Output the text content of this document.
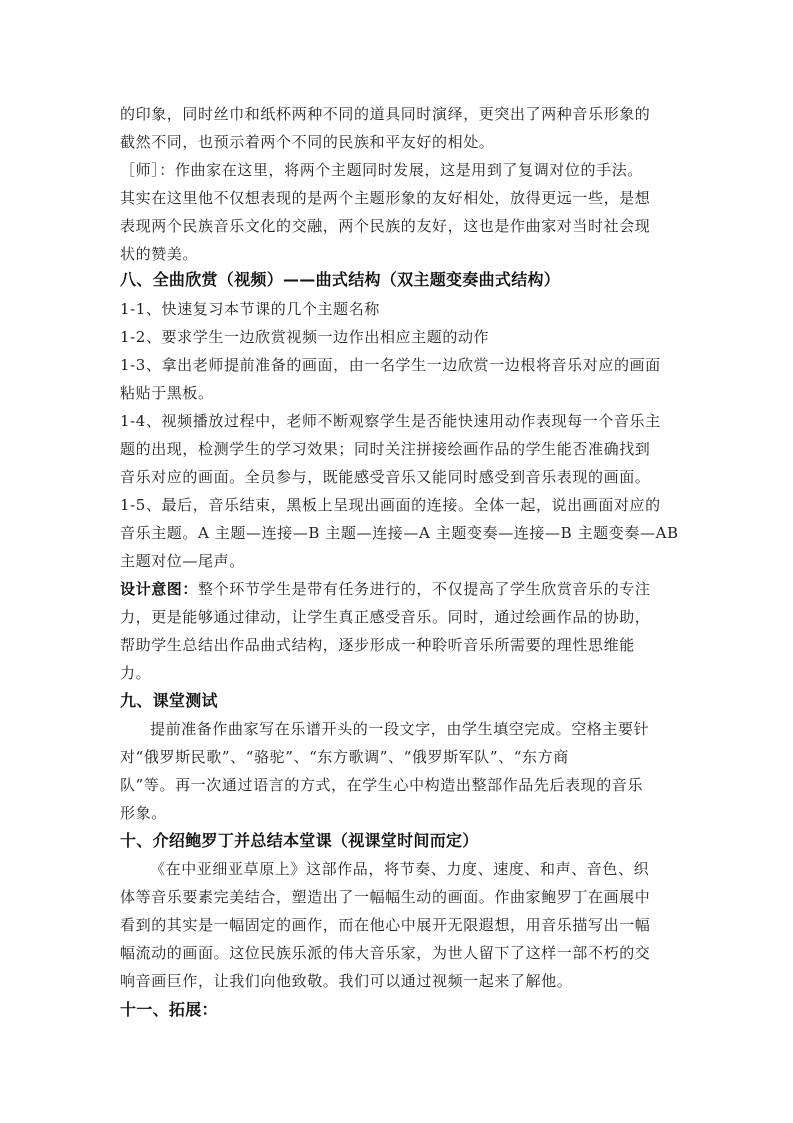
的印象，同时丝巾和纸杯两种不同的道具同时演绎，更突出了两种音乐形象的
截然不同，也预示着两个不同的民族和平友好的相处。
［师］：作曲家在这里，将两个主题同时发展，这是用到了复调对位的手法。
其实在这里他不仅想表现的是两个主题形象的友好相处，放得更远一些，是想
表现两个民族音乐文化的交融，两个民族的友好，这也是作曲家对当时社会现
状的赞美。
八、全曲欣赏（视频）——曲式结构（双主题变奏曲式结构）
1-1、快速复习本节课的几个主题名称
1-2、要求学生一边欣赏视频一边作出相应主题的动作
1-3、拿出老师提前准备的画面，由一名学生一边欣赏一边根将音乐对应的画面
粘贴于黑板。
1-4、视频播放过程中，老师不断观察学生是否能快速用动作表现每一个音乐主
题的出现，检测学生的学习效果；同时关注拼接绘画作品的学生能否准确找到
音乐对应的画面。全员参与，既能感受音乐又能同时感受到音乐表现的画面。
1-5、最后，音乐结束，黑板上呈现出画面的连接。全体一起，说出画面对应的
音乐主题。A 主题—连接—B 主题—连接—A 主题变奏—连接—B 主题变奏—AB
主题对位—尾声。
设计意图：整个环节学生是带有任务进行的，不仅提高了学生欣赏音乐的专注
力，更是能够通过律动，让学生真正感受音乐。同时，通过绘画作品的协助，
帮助学生总结出作品曲式结构，逐步形成一种聆听音乐所需要的理性思维能
力。
九、课堂测试
提前准备作曲家写在乐谱开头的一段文字，由学生填空完成。空格主要针
对“俄罗斯民歌”、“骆驼”、“东方歌调”、“俄罗斯军队”、“东方商
队”等。再一次通过语言的方式，在学生心中构造出整部作品先后表现的音乐
形象。
十、介绍鲍罗丁并总结本堂课（视课堂时间而定）
《在中亚细亚草原上》这部作品，将节奏、力度、速度、和声、音色、织
体等音乐要素完美结合，塑造出了一幅幅生动的画面。作曲家鲍罗丁在画展中
看到的其实是一幅固定的画作，而在他心中展开无限遐想，用音乐描写出一幅
幅流动的画面。这位民族乐派的伟大音乐家，为世人留下了这样一部不朽的交
响音画巨作，让我们向他致敬。我们可以通过视频一起来了解他。
十一、拓展：
